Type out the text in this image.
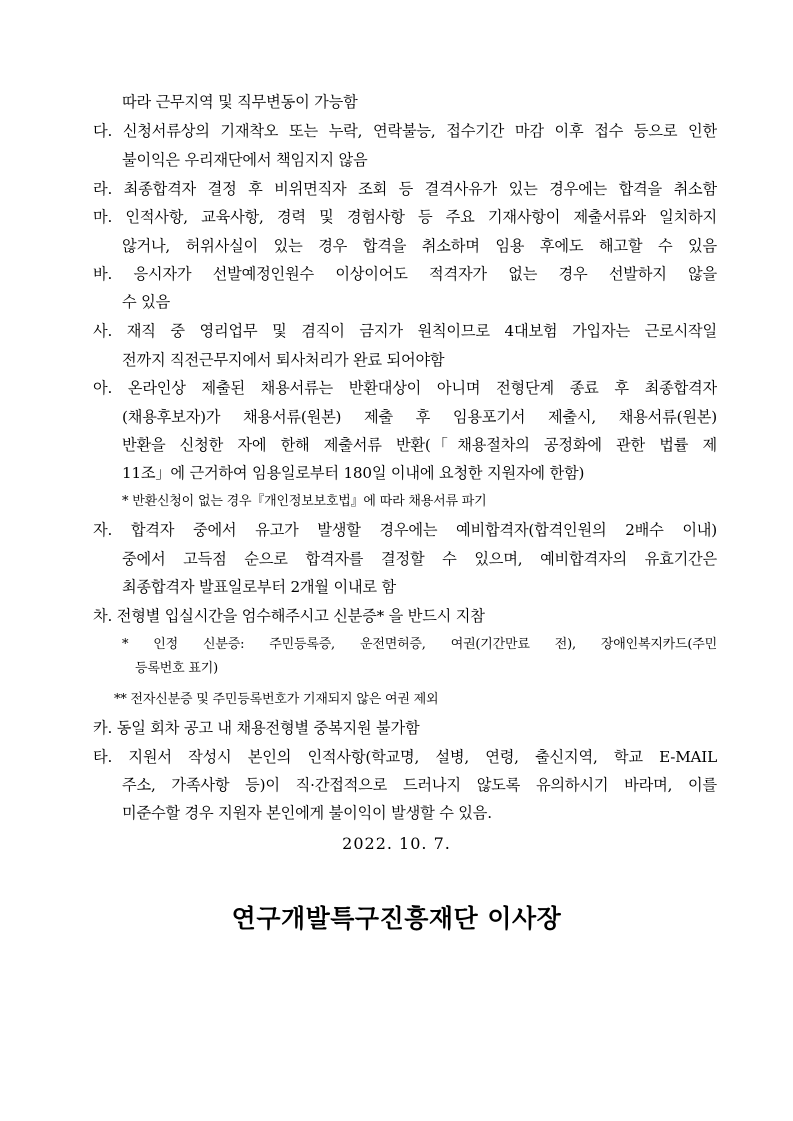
따라 근무지역 및 직무변동이 가능함
다. 신청서류상의 기재착오 또는 누락, 연락불능, 접수기간 마감 이후 접수 등으로 인한
불이익은 우리재단에서 책임지지 않음
라. 최종합격자 결정 후 비위면직자 조회 등 결격사유가 있는 경우에는 합격을 취소함
마. 인적사항, 교육사항, 경력 및 경험사항 등 주요 기재사항이 제출서류와 일치하지
않거나, 허위사실이 있는 경우 합격을 취소하며 임용 후에도 해고할 수 있음
바. 응시자가 선발예정인원수 이상이어도 적격자가 없는 경우 선발하지 않을
수 있음
사. 재직 중 영리업무 및 겸직이 금지가 원칙이므로 4대보험 가입자는 근로시작일
전까지 직전근무지에서 퇴사처리가 완료 되어야함
아. 온라인상 제출된 채용서류는 반환대상이 아니며 전형단계 종료 후 최종합격자
(채용후보자)가 채용서류(원본) 제출 후 임용포기서 제출시, 채용서류(원본)
반환을 신청한 자에 한해 제출서류 반환(「채용절차의 공정화에 관한 법률 제
11조」에 근거하여 임용일로부터 180일 이내에 요청한 지원자에 한함)
* 반환신청이 없는 경우『개인정보보호법』에 따라 채용서류 파기
자. 합격자 중에서 유고가 발생할 경우에는 예비합격자(합격인원의 2배수 이내)
중에서 고득점 순으로 합격자를 결정할 수 있으며, 예비합격자의 유효기간은
최종합격자 발표일로부터 2개월 이내로 함
차. 전형별 입실시간을 엄수해주시고 신분증* 을 반드시 지참
* 인정 신분증: 주민등록증, 운전면허증, 여권(기간만료 전), 장애인복지카드(주민
등록번호 표기)
** 전자신분증 및 주민등록번호가 기재되지 않은 여권 제외
카. 동일 회차 공고 내 채용전형별 중복지원 불가함
타. 지원서 작성시 본인의 인적사항(학교명, 설병, 연령, 출신지역, 학교 E-MAIL
주소, 가족사항 등)이 직·간접적으로 드러나지 않도록 유의하시기 바라며, 이를
미준수할 경우 지원자 본인에게 불이익이 발생할 수 있음.
2022. 10. 7.
연구개발특구진흥재단 이사장
